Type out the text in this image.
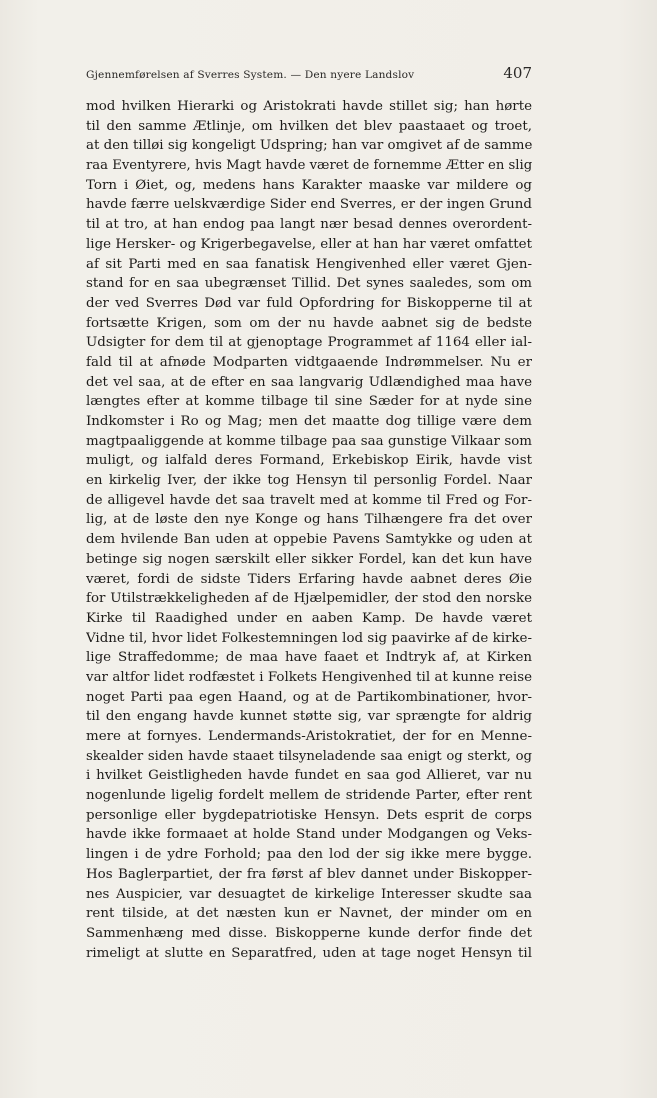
Gjennemførelsen af Sverres System. — Den nyere Landslov	407
mod hvilken Hierarki og Aristokrati havde stillet sig; han hørte
til den samme Ætlinje, om hvilken det blev paastaaet og troet,
at den tilløi sig kongeligt Udspring; han var omgivet af de samme
raa Eventyrere, hvis Magt havde været de fornemme Ætter en slig
Torn i Øiet, og, medens hans Karakter maaske var mildere og
havde færre uelskværdige Sider end Sverres, er der ingen Grund
til at tro, at han endog paa langt nær besad dennes overordent-
lige Hersker- og Krigerbegavelse, eller at han har været omfattet
af sit Parti med en saa fanatisk Hengivenhed eller været Gjen-
stand for en saa ubegrænset Tillid. Det synes saaledes, som om
der ved Sverres Død var fuld Opfordring for Biskopperne til at
fortsætte Krigen, som om der nu havde aabnet sig de bedste
Udsigter for dem til at gjenoptage Programmet af 1164 eller ial-
fald til at afnøde Modparten vidtgaaende Indrømmelser. Nu er
det vel saa, at de efter en saa langvarig Udlændighed maa have
længtes efter at komme tilbage til sine Sæder for at nyde sine
Indkomster i Ro og Mag; men det maatte dog tillige være dem
magtpaaliggende at komme tilbage paa saa gunstige Vilkaar som
muligt, og ialfald deres Formand, Erkebiskop Eirik, havde vist
en kirkelig Iver, der ikke tog Hensyn til personlig Fordel. Naar
de alligevel havde det saa travelt med at komme til Fred og For-
lig, at de løste den nye Konge og hans Tilhængere fra det over
dem hvilende Ban uden at oppebie Pavens Samtykke og uden at
betinge sig nogen særskilt eller sikker Fordel, kan det kun have
været, fordi de sidste Tiders Erfaring havde aabnet deres Øie
for Utilstrækkeligheden af de Hjælpemidler, der stod den norske
Kirke til Raadighed under en aaben Kamp. De havde været
Vidne til, hvor lidet Folkestemningen lod sig paavirke af de kirke-
lige Straffedomme; de maa have faaet et Indtryk af, at Kirken
var altfor lidet rodfæstet i Folkets Hengivenhed til at kunne reise
noget Parti paa egen Haand, og at de Partikombinationer, hvor-
til den engang havde kunnet støtte sig, var sprængte for aldrig
mere at fornyes. Lendermands-Aristokratiet, der for en Menne-
skealder siden havde staaet tilsyneladende saa enigt og sterkt, og
i hvilket Geistligheden havde fundet en saa god Allieret, var nu
nogenlunde ligelig fordelt mellem de stridende Parter, efter rent
personlige eller bygdepatriotiske Hensyn. Dets esprit de corps
havde ikke formaaet at holde Stand under Modgangen og Veks-
lingen i de ydre Forhold; paa den lod der sig ikke mere bygge.
Hos Baglerpartiet, der fra først af blev dannet under Biskopper-
nes Auspicier, var desuagtet de kirkelige Interesser skudte saa
rent tilside, at det næsten kun er Navnet, der minder om en
Sammenhæng med disse. Biskopperne kunde derfor finde det
rimeligt at slutte en Separatfred, uden at tage noget Hensyn til
